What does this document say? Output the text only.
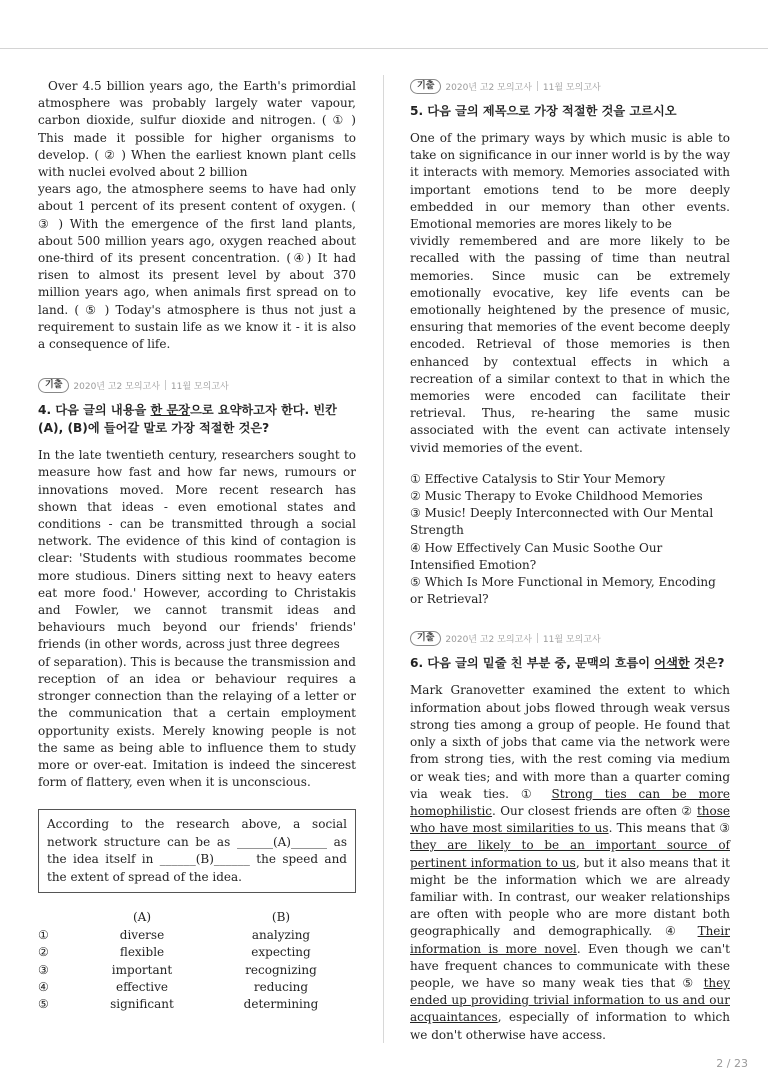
Over 4.5 billion years ago, the Earth's primordial atmosphere was probably largely water vapour, carbon dioxide, sulfur dioxide and nitrogen. ( ① ) This made it possible for higher organisms to develop. ( ② ) When the earliest known plant cells with nuclei evolved about 2 billion

years ago, the atmosphere seems to have had only about 1 percent of its present content of oxygen. ( ③ ) With the emergence of the first land plants, about 500 million years ago, oxygen reached about one-third of its present concentration. (④) It had risen to almost its present level by about 370 million years ago, when animals first spread on to land. ( ⑤ ) Today's atmosphere is thus not just a requirement to sustain life as we know it - it is also a consequence of life.

기출	2020년 고2 모의고사 11월 모의고사
4. 다음 글의 내용을 한 문장으로 요약하고자 한다. 빈칸 (A), (B)에 들어갈 말로 가장 적절한 것은?

In the late twentieth century, researchers sought to measure how fast and how far news, rumours or innovations moved. More recent research has shown that ideas - even emotional states and conditions - can be transmitted through a social network. The evidence of this kind of contagion is clear: 'Students with studious roommates become more studious. Diners sitting next to heavy eaters eat more food.' However, according to Christakis and Fowler, we cannot transmit ideas and behaviours much beyond our friends' friends' friends (in other words, across just three degrees

of separation). This is because the transmission and reception of an idea or behaviour requires a stronger connection than the relaying of a letter or the communication that a certain employment opportunity exists. Merely knowing people is not the same as being able to influence them to study more or over-eat. Imitation is indeed the sincerest form of flattery, even when it is unconscious.

According to the research above, a social network structure can be as ______(A)______ as the idea itself in ______(B)______ the speed and the extent of spread of the idea.
	(A)	(B)
①	diverse	analyzing
②	flexible	expecting
③	important	recognizing
④	effective	reducing
⑤	significant	determining
기출	2020년 고2 모의고사 11월 모의고사
5. 다음 글의 제목으로 가장 적절한 것을 고르시오

One of the primary ways by which music is able to take on significance in our inner world is by the way it interacts with memory. Memories associated with important emotions tend to be more deeply embedded in our memory than other events. Emotional memories are mores likely to be

vividly remembered and are more likely to be recalled with the passing of time than neutral memories. Since music can be extremely emotionally evocative, key life events can be emotionally heightened by the presence of music, ensuring that memories of the event become deeply encoded. Retrieval of those memories is then enhanced by contextual effects in which a recreation of a similar context to that in which the memories were encoded can facilitate their retrieval. Thus, re-hearing the same music associated with the event can activate intensely vivid memories of the event.

① Effective Catalysis to Stir Your Memory
② Music Therapy to Evoke Childhood Memories
③ Music! Deeply Interconnected with Our Mental Strength
④ How Effectively Can Music Soothe Our Intensified Emotion?
⑤ Which Is More Functional in Memory, Encoding or Retrieval?
기출	2020년 고2 모의고사 11월 모의고사
6. 다음 글의 밑줄 친 부분 중, 문맥의 흐름이 어색한 것은?

Mark Granovetter examined the extent to which information about jobs flowed through weak versus strong ties among a group of people. He found that only a sixth of jobs that came via the network were from strong ties, with the rest coming via medium or weak ties; and with more than a quarter coming via weak ties. ① Strong ties can be more homophilistic. Our closest friends are often ② those who have most similarities to us. This means that ③ they are likely to be an important source of pertinent information to us, but it also means that it might be the information which we are already familiar with. In contrast, our weaker relationships are often with people who are more distant both geographically and demographically. ④ Their information is more novel. Even though we can't have frequent chances to communicate with these people, we have so many weak ties that ⑤ they ended up providing trivial information to us and our acquaintances, especially of information to which we don't otherwise have access.

2 / 23
